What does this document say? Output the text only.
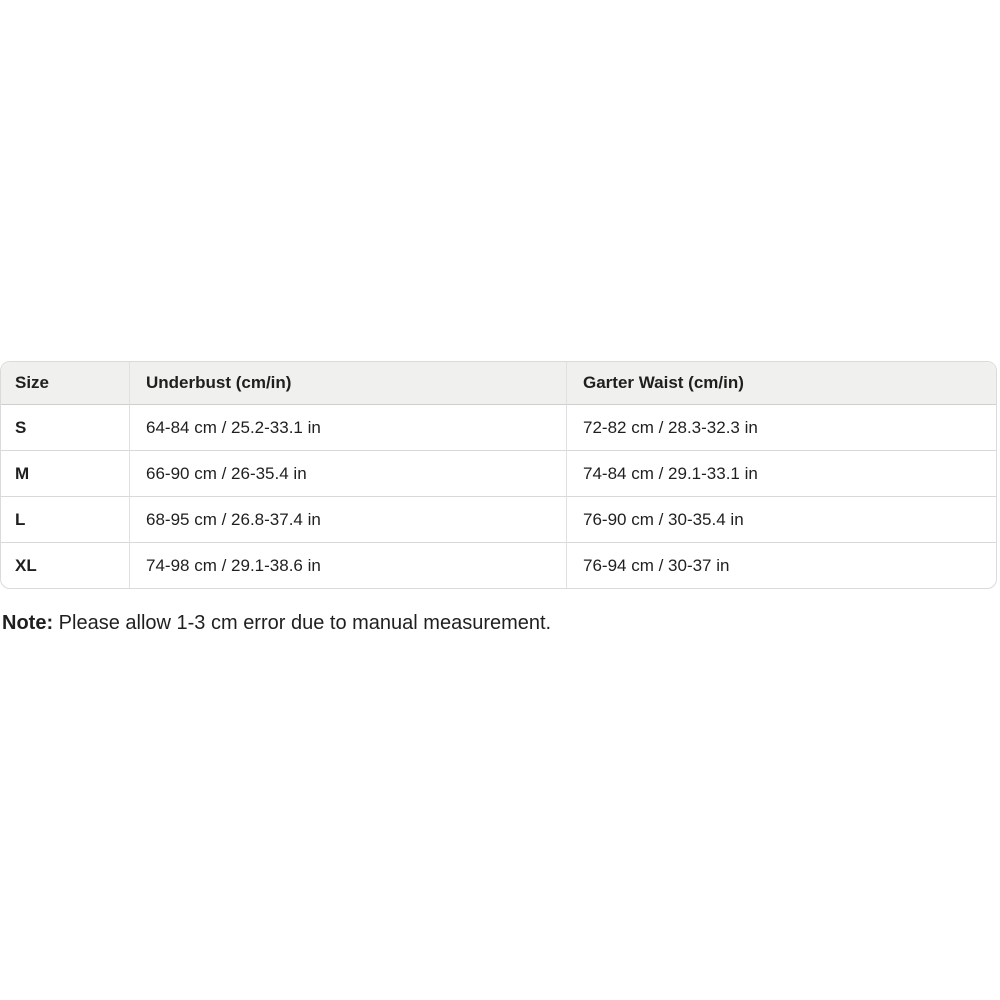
Size	Underbust (cm/in)	Garter Waist (cm/in)
S	64-84 cm / 25.2-33.1 in	72-82 cm / 28.3-32.3 in
M	66-90 cm / 26-35.4 in	74-84 cm / 29.1-33.1 in
L	68-95 cm / 26.8-37.4 in	76-90 cm / 30-35.4 in
XL	74-98 cm / 29.1-38.6 in	76-94 cm / 30-37 in
Note: Please allow 1-3 cm error due to manual measurement.
